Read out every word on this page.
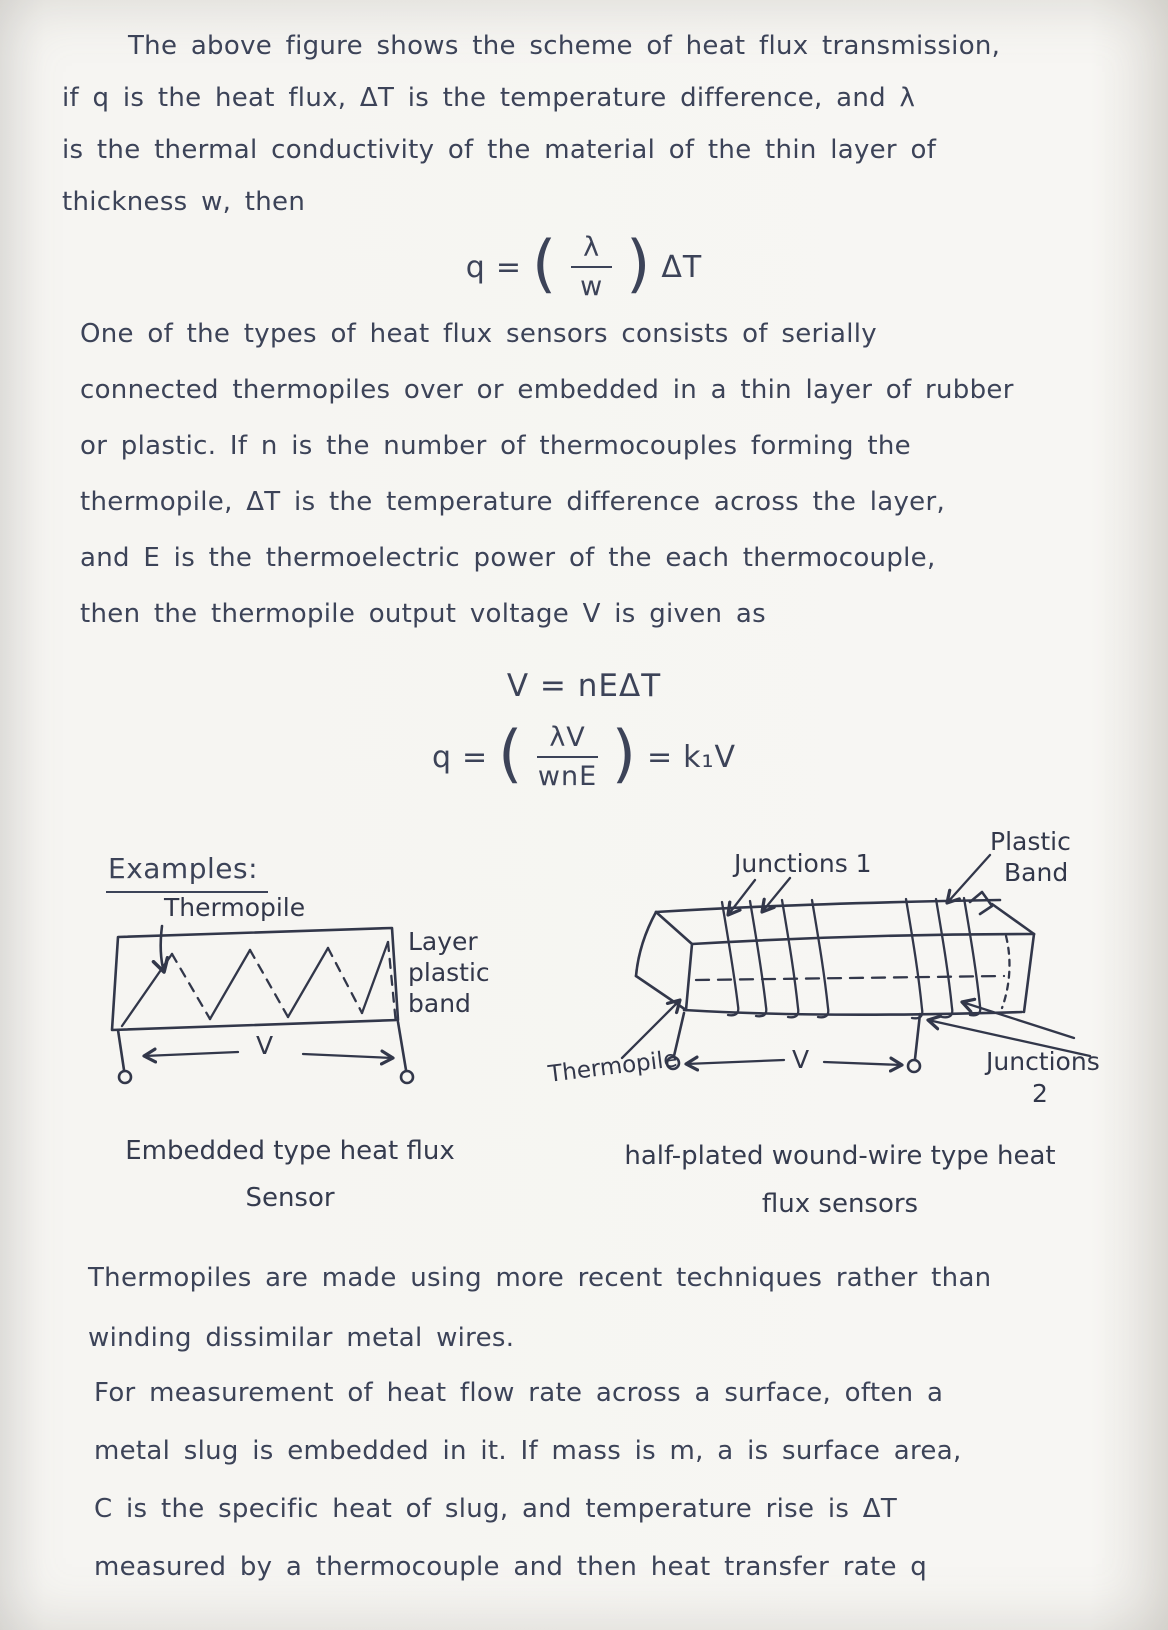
The above figure shows the scheme of heat flux transmission,
if q is the heat flux, ΔT is the temperature difference, and λ
is the thermal conductivity of the material of the thin layer of
thickness w, then
q = ( $\frac{\lambda}{w}$ ) ΔT
One of the types of heat flux sensors consists of serially
connected thermopiles over or embedded in a thin layer of rubber
or plastic. If n is the number of thermocouples forming the
thermopile, ΔT is the temperature difference across the layer,
and E is the thermoelectric power of the each thermocouple,
then the thermopile output voltage V is given as
V = nEΔT
q = ( $\frac{\lambda V}{\text{wnE}}$ ) = k₁V
Examples:
Thermopile
Layer
plastic
band
V
Junctions 1
Plastic
Band
Thermopile	V	Junctions
2
Embedded type heat flux
Sensor
half-plated wound-wire type heat
flux sensors
Thermopiles are made using more recent techniques rather than
winding dissimilar metal wires.
For measurement of heat flow rate across a surface, often a
metal slug is embedded in it. If mass is m, a is surface area,
C is the specific heat of slug, and temperature rise is ΔT
measured by a thermocouple and then heat transfer rate q
